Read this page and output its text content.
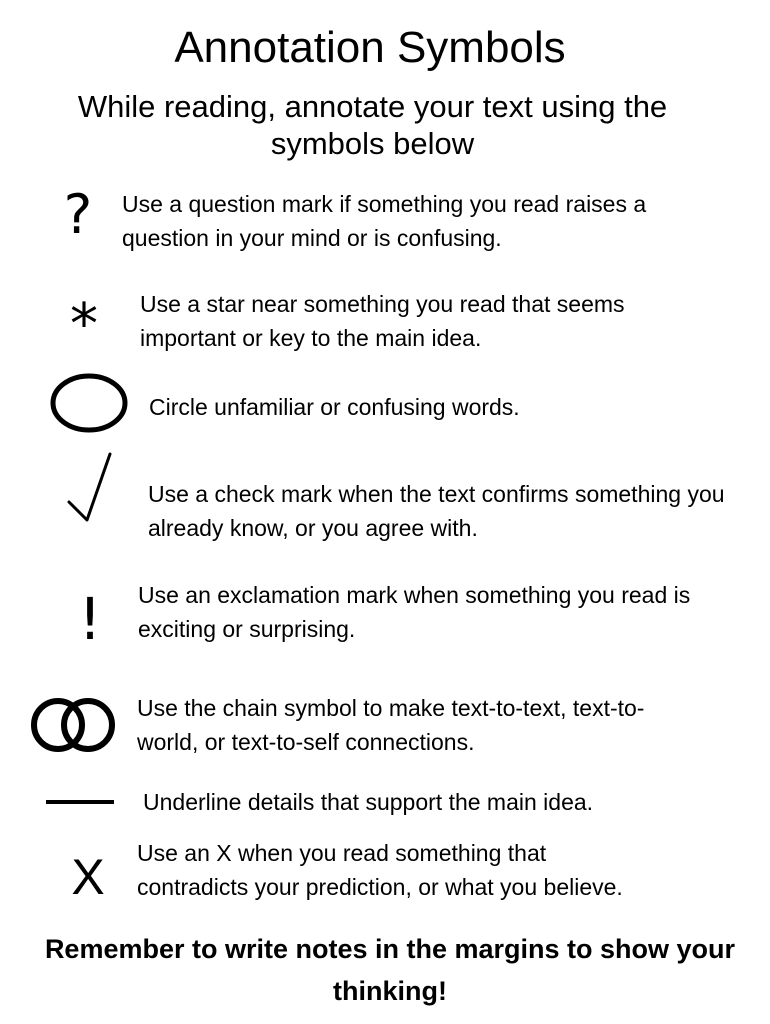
Annotation Symbols
While reading, annotate your text using the symbols below
?	Use a question mark if something you read raises a question in your mind or is confusing.
*	Use a star near something you read that seems important or key to the main idea.
Circle unfamiliar or confusing words.
Use a check mark when the text confirms something you already know, or you agree with.
!	Use an exclamation mark when something you read is exciting or surprising.
Use the chain symbol to make text-to-text, text-to-world, or text-to-self connections.
Underline details that support the main idea.
X Use an X when you read something that contradicts your prediction, or what you believe.
Remember to write notes in the margins to show your thinking!
